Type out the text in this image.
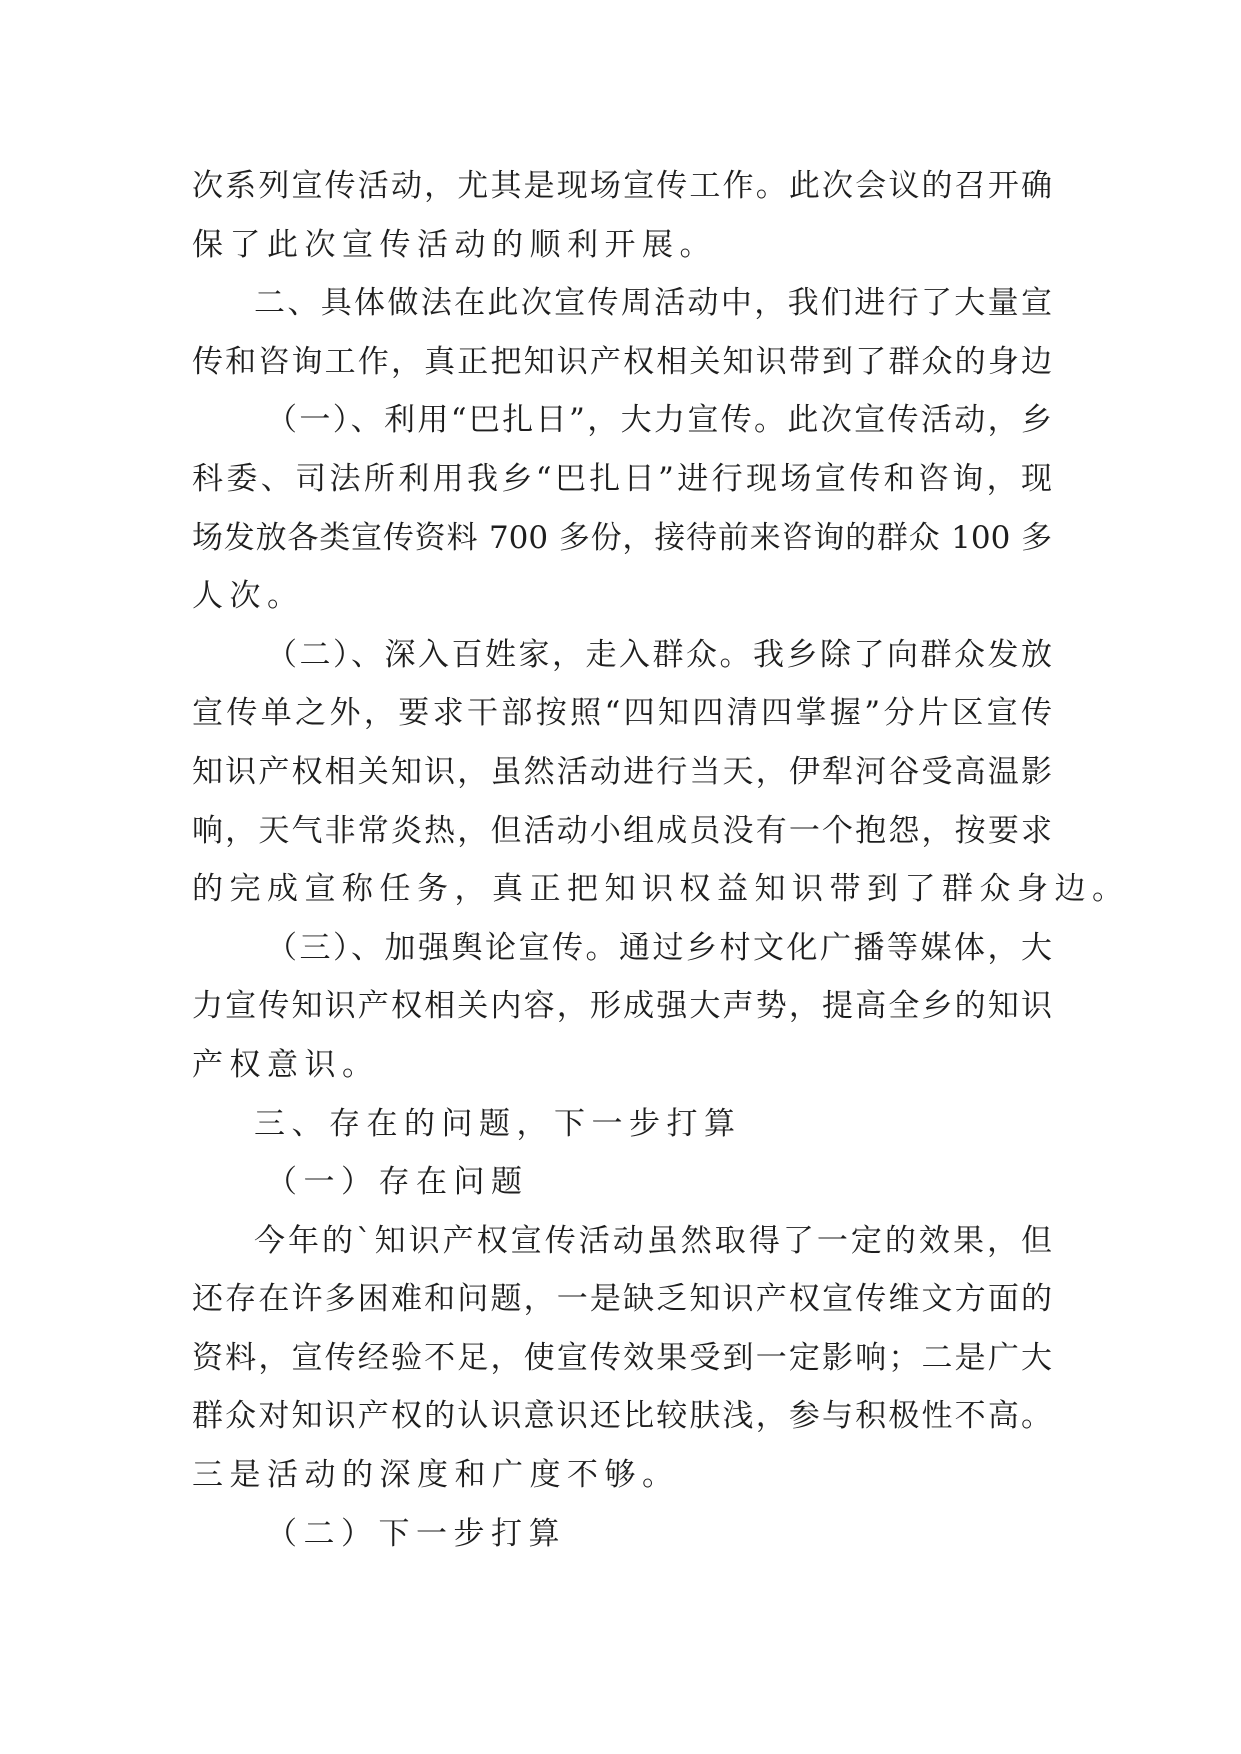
次系列宣传活动，尤其是现场宣传工作。此次会议的召开确
保了此次宣传活动的顺利开展。
二、具体做法在此次宣传周活动中，我们进行了大量宣
传和咨询工作，真正把知识产权相关知识带到了群众的身边
（一）、利用“巴扎日”，大力宣传。此次宣传活动，乡
科委、司法所利用我乡“巴扎日”进行现场宣传和咨询，现
场发放各类宣传资料 700 多份，接待前来咨询的群众 100 多
人次。
（二）、深入百姓家，走入群众。我乡除了向群众发放
宣传单之外，要求干部按照“四知四清四掌握”分片区宣传
知识产权相关知识，虽然活动进行当天，伊犁河谷受高温影
响，天气非常炎热，但活动小组成员没有一个抱怨，按要求
的完成宣称任务，真正把知识权益知识带到了群众身边。
（三）、加强舆论宣传。通过乡村文化广播等媒体，大
力宣传知识产权相关内容，形成强大声势，提高全乡的知识
产权意识。
三、存在的问题，下一步打算
（一）存在问题
今年的`知识产权宣传活动虽然取得了一定的效果，但
还存在许多困难和问题，一是缺乏知识产权宣传维文方面的
资料，宣传经验不足，使宣传效果受到一定影响；二是广大
群众对知识产权的认识意识还比较肤浅，参与积极性不高。
三是活动的深度和广度不够。
（二）下一步打算
